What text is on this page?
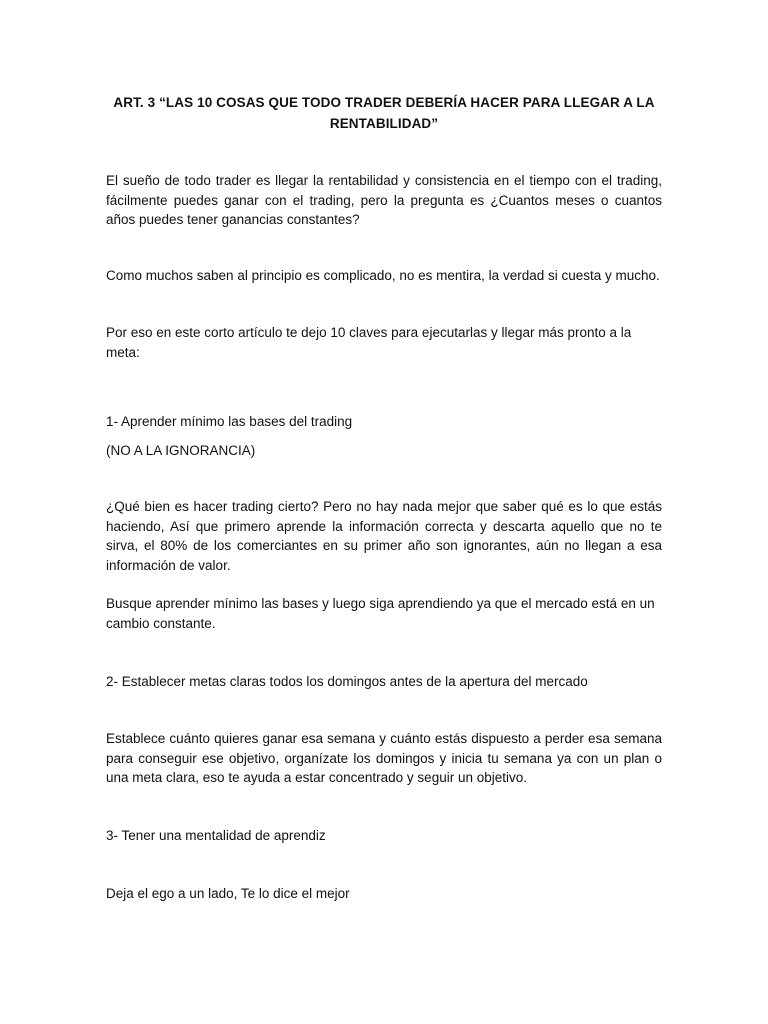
ART. 3 “LAS 10 COSAS QUE TODO TRADER DEBERÍA HACER PARA LLEGAR A LA RENTABILIDAD”

El sueño de todo trader es llegar la rentabilidad y consistencia en el tiempo con el trading, fácilmente puedes ganar con el trading, pero la pregunta es ¿Cuantos meses o cuantos años puedes tener ganancias constantes?

Como muchos saben al principio es complicado, no es mentira, la verdad si cuesta y mucho.

Por eso en este corto artículo te dejo 10 claves para ejecutarlas y llegar más pronto a la meta:

1- Aprender mínimo las bases del trading

(NO A LA IGNORANCIA)

¿Qué bien es hacer trading cierto? Pero no hay nada mejor que saber qué es lo que estás haciendo, Así que primero aprende la información correcta y descarta aquello que no te sirva, el 80% de los comerciantes en su primer año son ignorantes, aún no llegan a esa información de valor.

Busque aprender mínimo las bases y luego siga aprendiendo ya que el mercado está en un cambio constante.

2- Establecer metas claras todos los domingos antes de la apertura del mercado

Establece cuánto quieres ganar esa semana y cuánto estás dispuesto a perder esa semana para conseguir ese objetivo, organízate los domingos y inicia tu semana ya con un plan o una meta clara, eso te ayuda a estar concentrado y seguir un objetivo.

3- Tener una mentalidad de aprendiz

Deja el ego a un lado, Te lo dice el mejor
